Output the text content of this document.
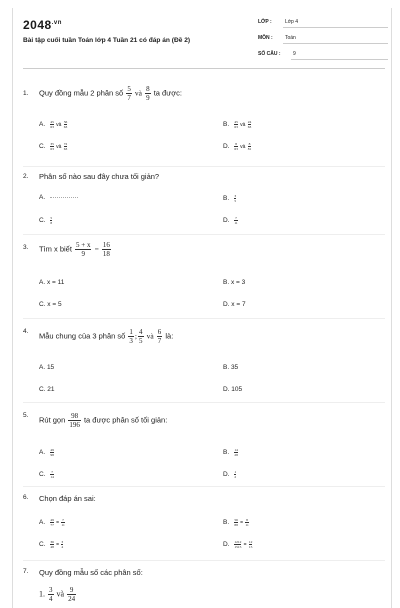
$2048^{.vn}$
Bài tập cuối tuần Toán lớp 4 Tuần 21 có đáp án (Đề 2)
LỚP :	Lớp 4
MÔN : Toán
SỐ CÂU :	9
1. Quy đồng mẫu 2 phân số $\frac{5}{7}$ và $\frac{8}{9}$ ta được:
A. $\frac{45}{63}$ và $\frac{56}{63}$	B. $\frac{45}{63}$ và $\frac{24}{63}$
C. $\frac{35}{63}$ và $\frac{72}{63}$	D. $\frac{8}{63}$ và $\frac{8}{81}$
2. Phân số nào sau đây chưa tối giản?
A.	B. $\frac{3}{5}$
C. $\frac{5}{8}$	D. $\frac{7}{11}$
3. Tìm x biết $\frac{5 + x}{9} = \frac{16}{18}$
A. x = 11	B. x = 3
C. x = 5	D. x = 7
4. Mẫu chung của 3 phân số $\frac{1}{3}$ ; $\frac{4}{5}$ và $\frac{6}{7}$ là:
A. 15	B. 35
C. 21	D. 105
5. Rút gọn $\frac{98}{196}$ ta được phân số tối giản:
A. $\frac{49}{98}$	B. $\frac{14}{28}$
C. $\frac{7}{14}$	D. $\frac{1}{2}$
6. Chọn đáp án sai:
A. $\frac{49}{77} = \frac{7}{11}$	B. $\frac{56}{88} = \frac{8}{11}$
C. $\frac{36}{48} = \frac{3}{4}$	D. $\frac{1212}{1515} = \frac{12}{15}$
7. Quy đồng mẫu số các phân số:
1. $\frac{3}{4}$ và $\frac{9}{24}$
